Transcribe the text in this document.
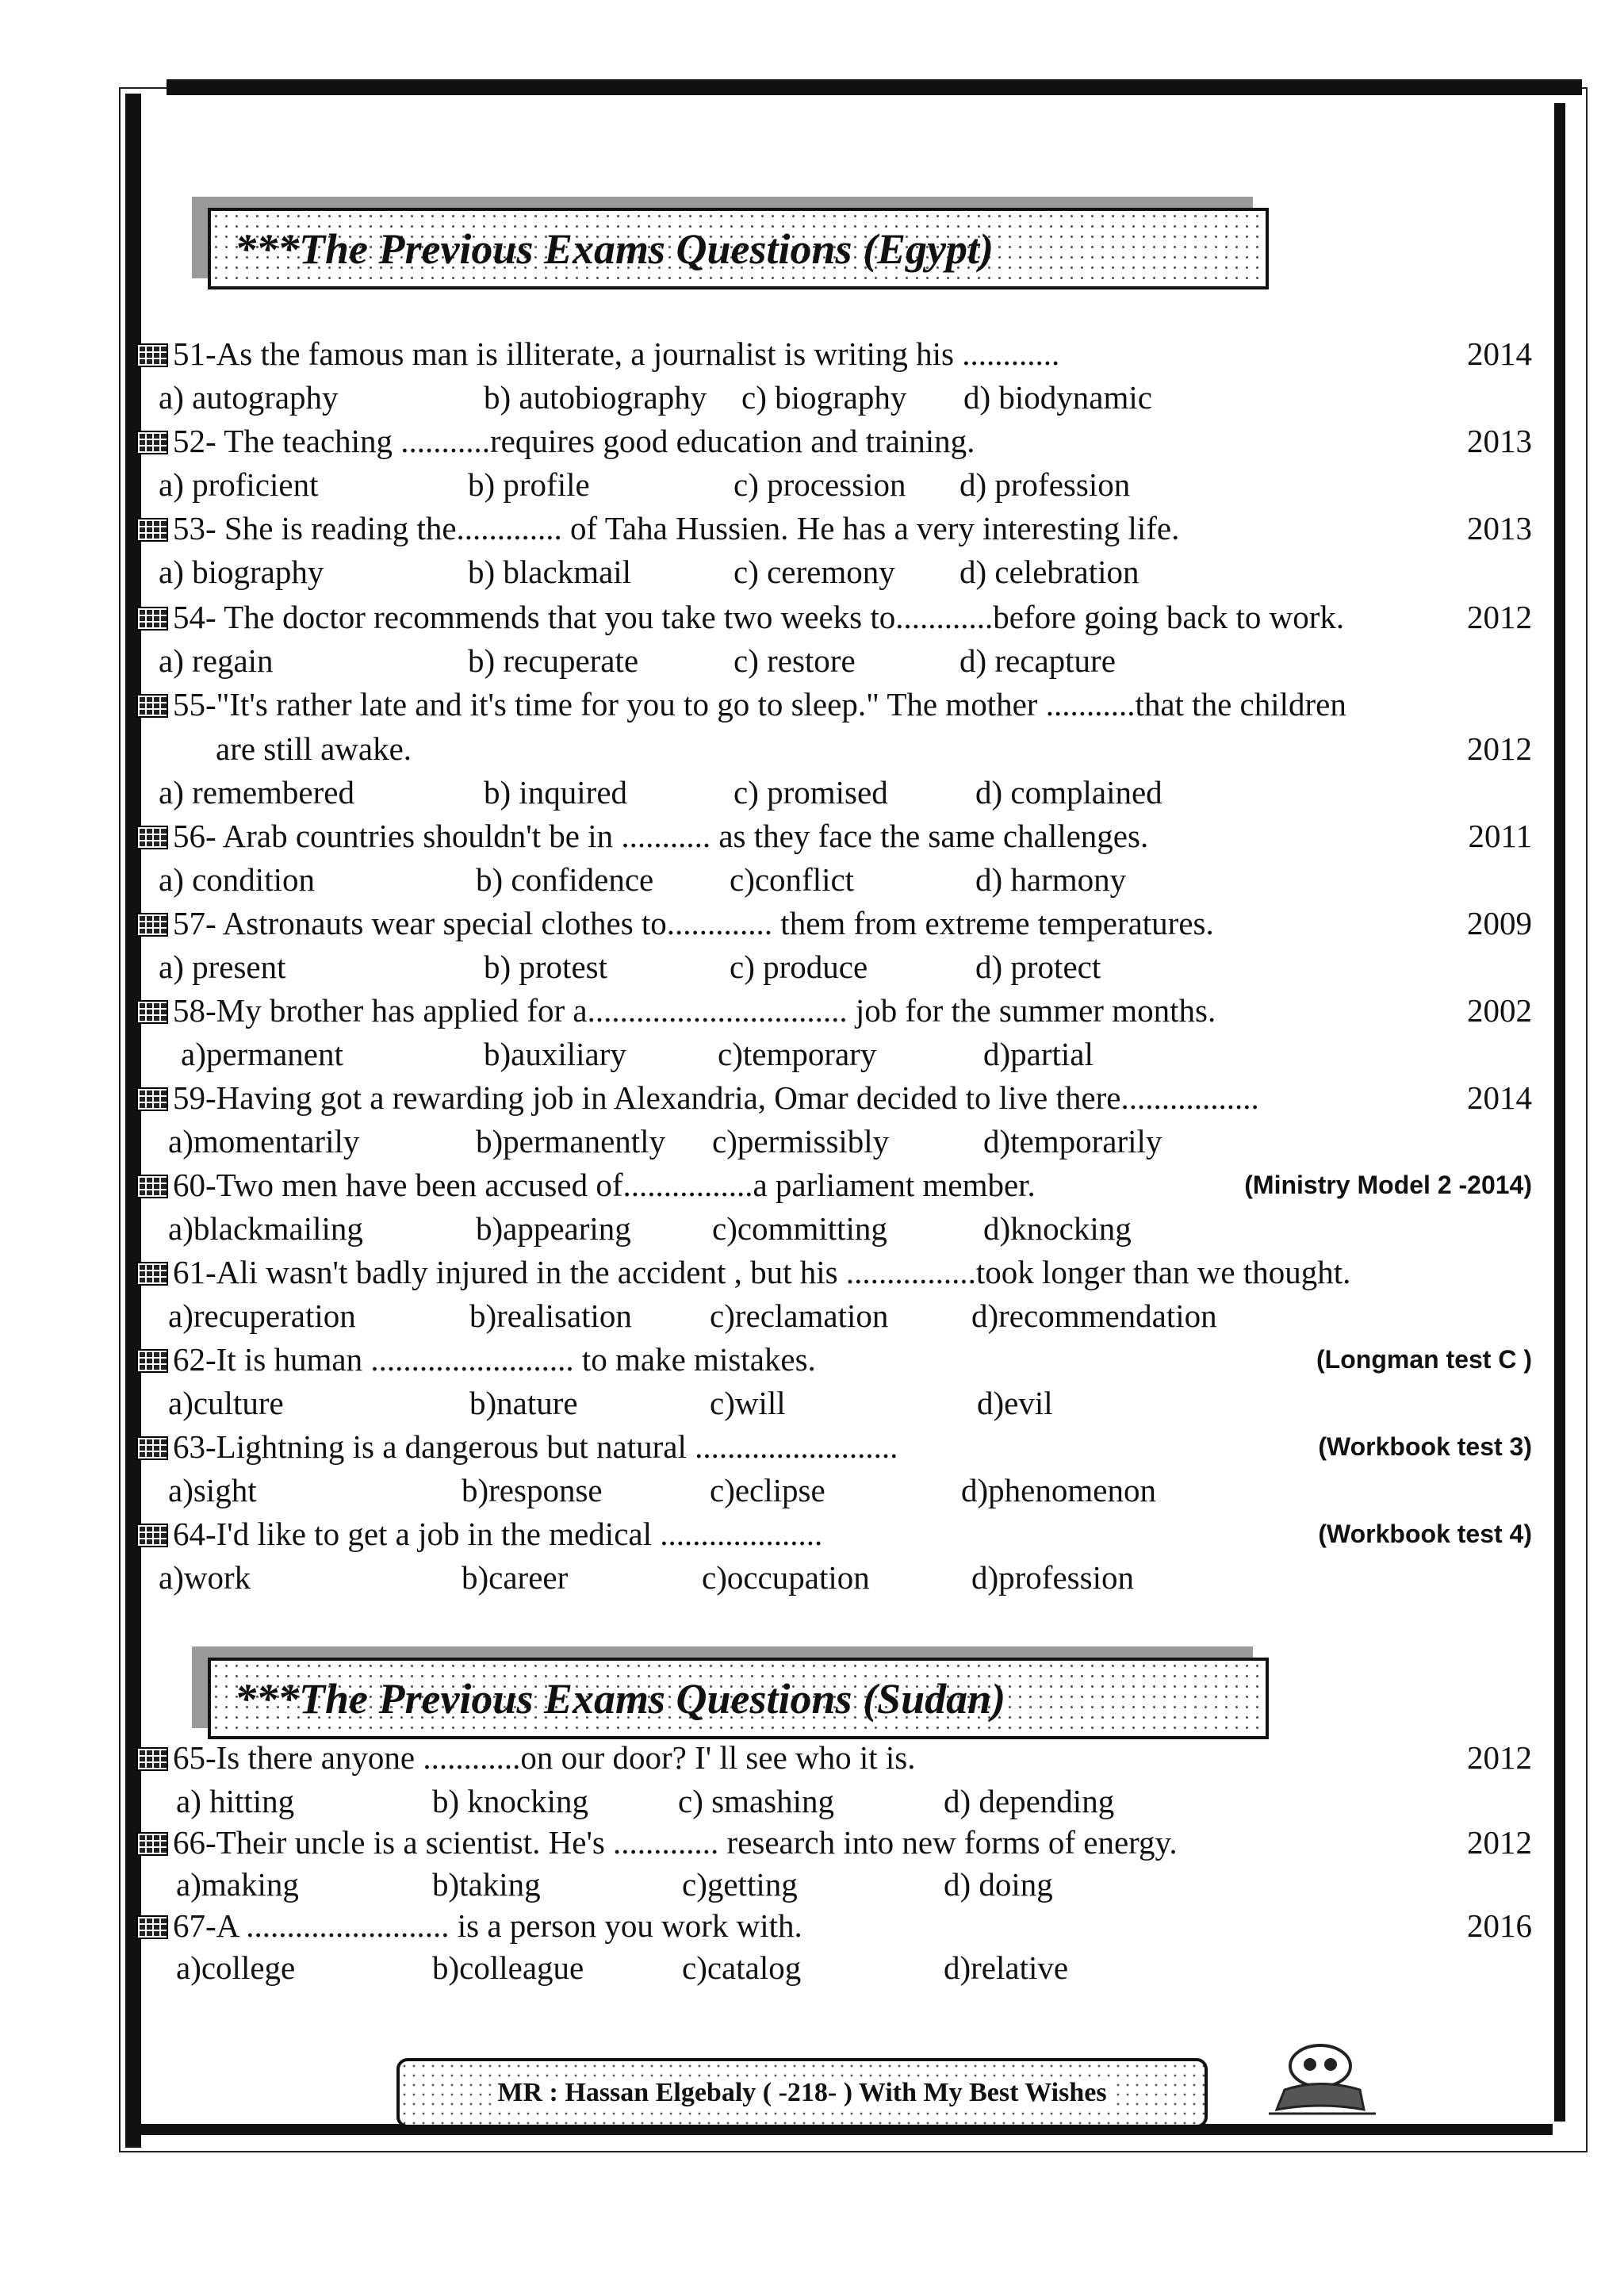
***The Previous Exams Questions (Egypt)
***The Previous Exams Questions (Sudan)
51-As the famous man is illiterate, a journalist is writing his ............	2014
a) autography	b) autobiography c) biography d) biodynamic
52- The teaching ...........requires good education and training.	2013
a) proficient	b) profile	c) procession d) profession
53- She is reading the............. of Taha Hussien. He has a very interesting life.	2013
a) biography	b) blackmail	c) ceremony d) celebration
54- The doctor recommends that you take two weeks to............before going back to work.	2012
a) regain	b) recuperate	c) restore	d) recapture
55-"It's rather late and it's time for you to go to sleep." The mother ...........that the children
are still awake.	2012
a) remembered	b) inquired	c) promised	d) complained
56- Arab countries shouldn't be in ........... as they face the same challenges.	2011
a) condition	b) confidence c)conflict	d) harmony
57- Astronauts wear special clothes to............. them from extreme temperatures.	2009
a) present	b) protest	c) produce	d) protect
58-My brother has applied for a................................ job for the summer months.	2002
a)permanent	b)auxiliary	c)temporary	d)partial
59-Having got a rewarding job in Alexandria, Omar decided to live there.................	2014
a)momentarily	b)permanently c)permissibly	d)temporarily
60-Two men have been accused of................a parliament member.	(Ministry Model 2 -2014)
a)blackmailing	b)appearing c)committing	d)knocking
61-Ali wasn't badly injured in the accident , but his ................took longer than we thought.
a)recuperation	b)realisation c)reclamation	d)recommendation
62-It is human ......................... to make mistakes.	(Longman test C )
a)culture	b)nature	c)will	d)evil
63-Lightning is a dangerous but natural .........................	(Workbook test 3)
a)sight	b)response	c)eclipse	d)phenomenon
64-I'd like to get a job in the medical ....................	(Workbook test 4)
a)work	b)career	c)occupation	d)profession
65-Is there anyone ............on our door? I' ll see who it is.	2012
a) hitting	b) knocking	c) smashing	d) depending
66-Their uncle is a scientist. He's ............. research into new forms of energy.	2012
a)making	b)taking	c)getting	d) doing
67-A ......................... is a person you work with.	2016
a)college	b)colleague	c)catalog	d)relative
MR : Hassan Elgebaly ( -218- ) With My Best Wishes
